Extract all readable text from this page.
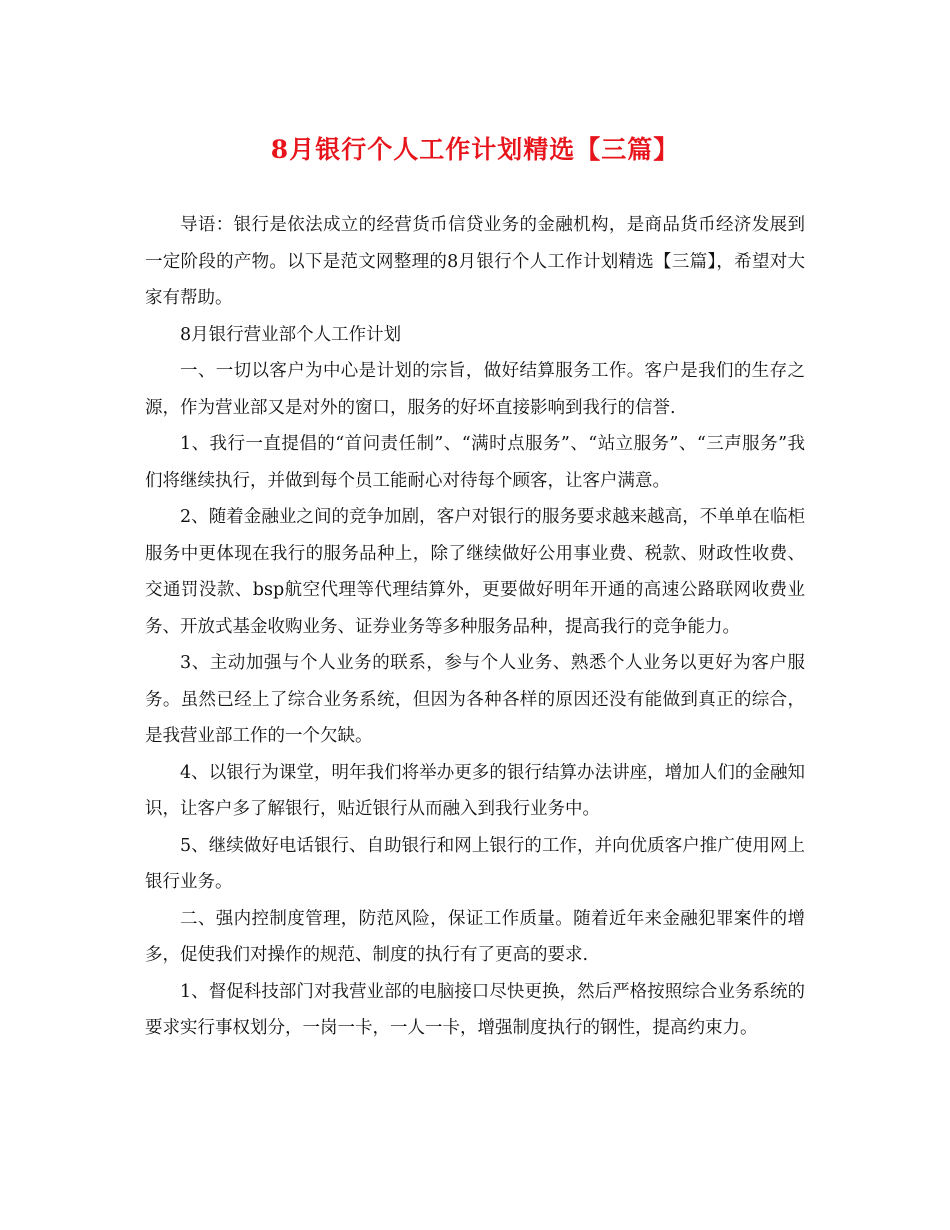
8月银行个人工作计划精选【三篇】

导语：银行是依法成立的经营货币信贷业务的金融机构，是商品货币经济发展到一定阶段的产物。以下是范文网整理的8月银行个人工作计划精选【三篇】，希望对大家有帮助。

8月银行营业部个人工作计划

一、一切以客户为中心是计划的宗旨，做好结算服务工作。客户是我们的生存之源，作为营业部又是对外的窗口，服务的好坏直接影响到我行的信誉.

1、我行一直提倡的“首问责任制”、“满时点服务”、“站立服务”、“三声服务”我们将继续执行，并做到每个员工能耐心对待每个顾客，让客户满意。

2、随着金融业之间的竞争加剧，客户对银行的服务要求越来越高，不单单在临柜服务中更体现在我行的服务品种上，除了继续做好公用事业费、税款、财政性收费、交通罚没款、bsp航空代理等代理结算外，更要做好明年开通的高速公路联网收费业务、开放式基金收购业务、证券业务等多种服务品种，提高我行的竞争能力。

3、主动加强与个人业务的联系，参与个人业务、熟悉个人业务以更好为客户服务。虽然已经上了综合业务系统，但因为各种各样的原因还没有能做到真正的综合，是我营业部工作的一个欠缺。

4、以银行为课堂，明年我们将举办更多的银行结算办法讲座，增加人们的金融知识，让客户多了解银行，贴近银行从而融入到我行业务中。

5、继续做好电话银行、自助银行和网上银行的工作，并向优质客户推广使用网上银行业务。

二、强内控制度管理，防范风险，保证工作质量。随着近年来金融犯罪案件的增多，促使我们对操作的规范、制度的执行有了更高的要求.

1、督促科技部门对我营业部的电脑接口尽快更换，然后严格按照综合业务系统的要求实行事权划分，一岗一卡，一人一卡，增强制度执行的钢性，提高约束力。
